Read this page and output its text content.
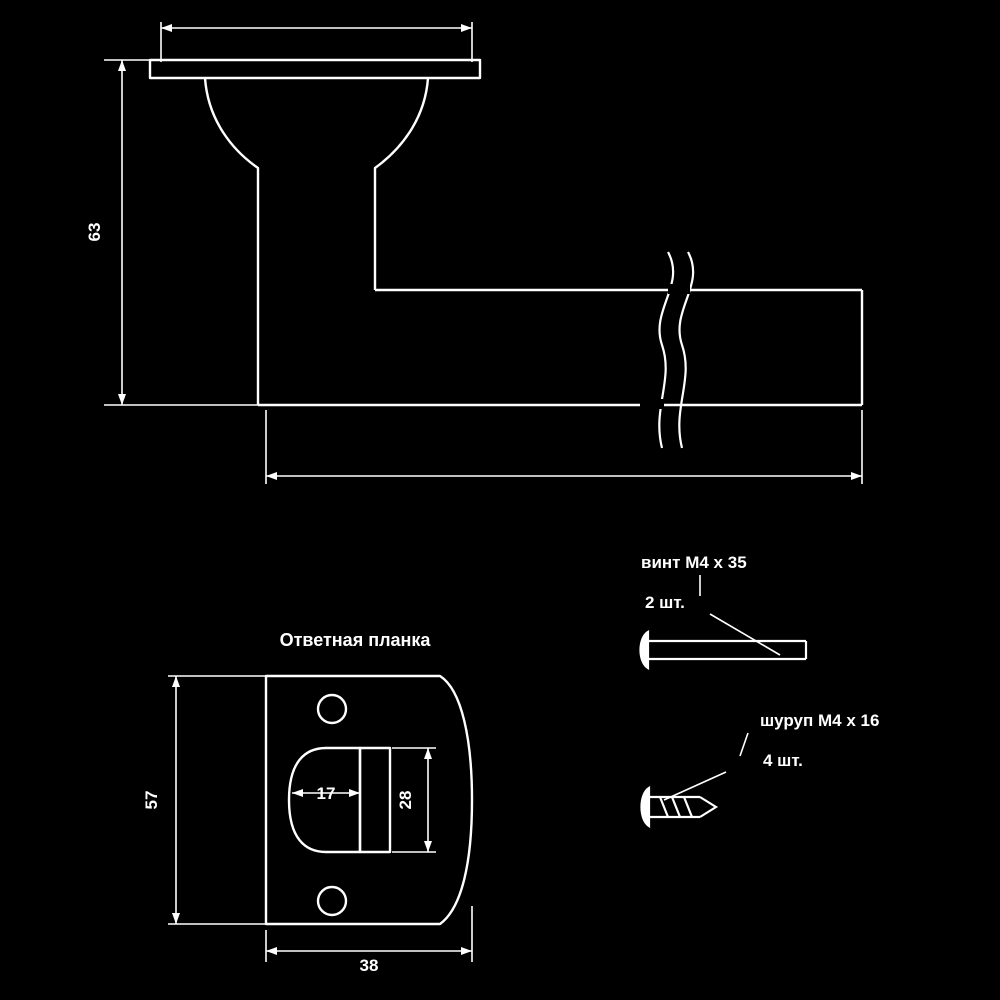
63
Ответная планка
57
38
17	28
винт M4 x 35
2 шт.
шуруп M4 x 16
4 шт.
